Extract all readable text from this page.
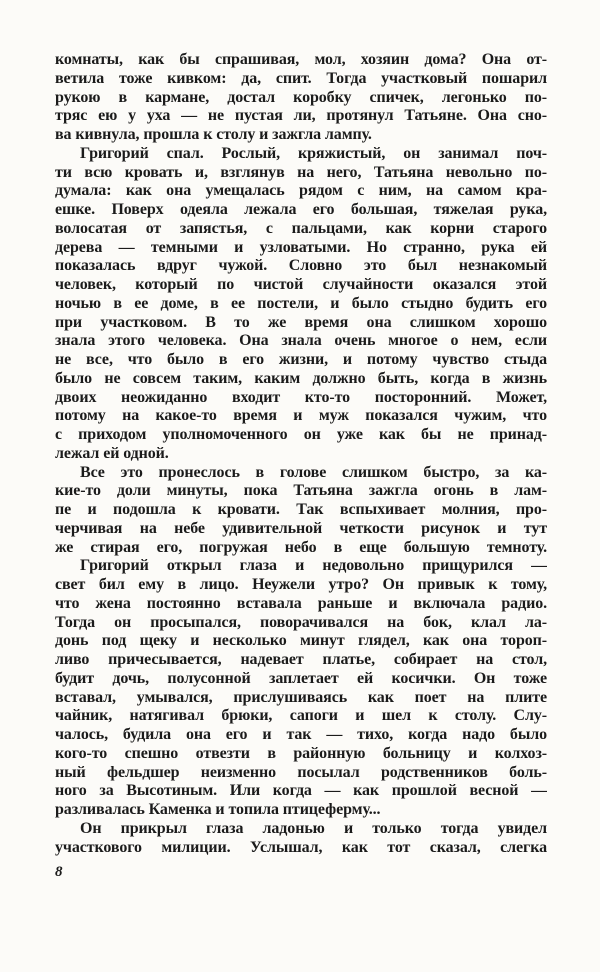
комнаты, как бы спрашивая, мол, хозяин дома? Она от-
ветила тоже кивком: да, спит. Тогда участковый пошарил
рукою в кармане, достал коробку спичек, легонько по-
тряс ею у уха — не пустая ли, протянул Татьяне. Она сно-
ва кивнула, прошла к столу и зажгла лампу.
Григорий спал. Рослый, кряжистый, он занимал поч-
ти всю кровать и, взглянув на него, Татьяна невольно по-
думала: как она умещалась рядом с ним, на самом кра-
ешке. Поверх одеяла лежала его большая, тяжелая рука,
волосатая от запястья, с пальцами, как корни старого
дерева — темными и узловатыми. Но странно, рука ей
показалась вдруг чужой. Словно это был незнакомый
человек, который по чистой случайности оказался этой
ночью в ее доме, в ее постели, и было стыдно будить его
при участковом. В то же время она слишком хорошо
знала этого человека. Она знала очень многое о нем, если
не все, что было в его жизни, и потому чувство стыда
было не совсем таким, каким должно быть, когда в жизнь
двоих неожиданно входит кто-то посторонний. Может,
потому на какое-то время и муж показался чужим, что
с приходом уполномоченного он уже как бы не принад-
лежал ей одной.
Все это пронеслось в голове слишком быстро, за ка-
кие-то доли минуты, пока Татьяна зажгла огонь в лам-
пе и подошла к кровати. Так вспыхивает молния, про-
черчивая на небе удивительной четкости рисунок и тут
же стирая его, погружая небо в еще большую темноту.
Григорий открыл глаза и недовольно прищурился —
свет бил ему в лицо. Неужели утро? Он привык к тому,
что жена постоянно вставала раньше и включала радио.
Тогда он просыпался, поворачивался на бок, клал ла-
донь под щеку и несколько минут глядел, как она тороп-
ливо причесывается, надевает платье, собирает на стол,
будит дочь, полусонной заплетает ей косички. Он тоже
вставал, умывался, прислушиваясь как поет на плите
чайник, натягивал брюки, сапоги и шел к столу. Слу-
чалось, будила она его и так — тихо, когда надо было
кого-то спешно отвезти в районную больницу и колхоз-
ный фельдшер неизменно посылал родственников боль-
ного за Высотиным. Или когда — как прошлой весной —
разливалась Каменка и топила птицеферму...
Он прикрыл глаза ладонью и только тогда увидел
участкового милиции. Услышал, как тот сказал, слегка
8
